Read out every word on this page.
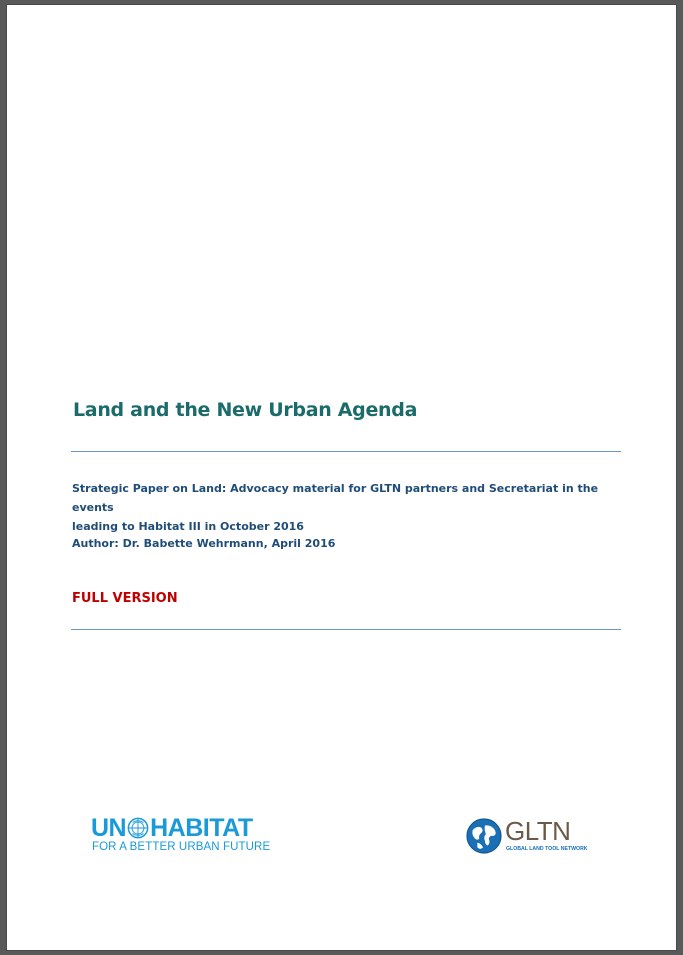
Land and the New Urban Agenda

Strategic Paper on Land: Advocacy material for GLTN partners and Secretariat in the events
leading to Habitat III in October 2016

Author: Dr. Babette Wehrmann, April 2016

FULL VERSION

UN HABITAT
FOR A BETTER URBAN FUTURE
GLTN
GLOBAL LAND TOOL NETWORK
